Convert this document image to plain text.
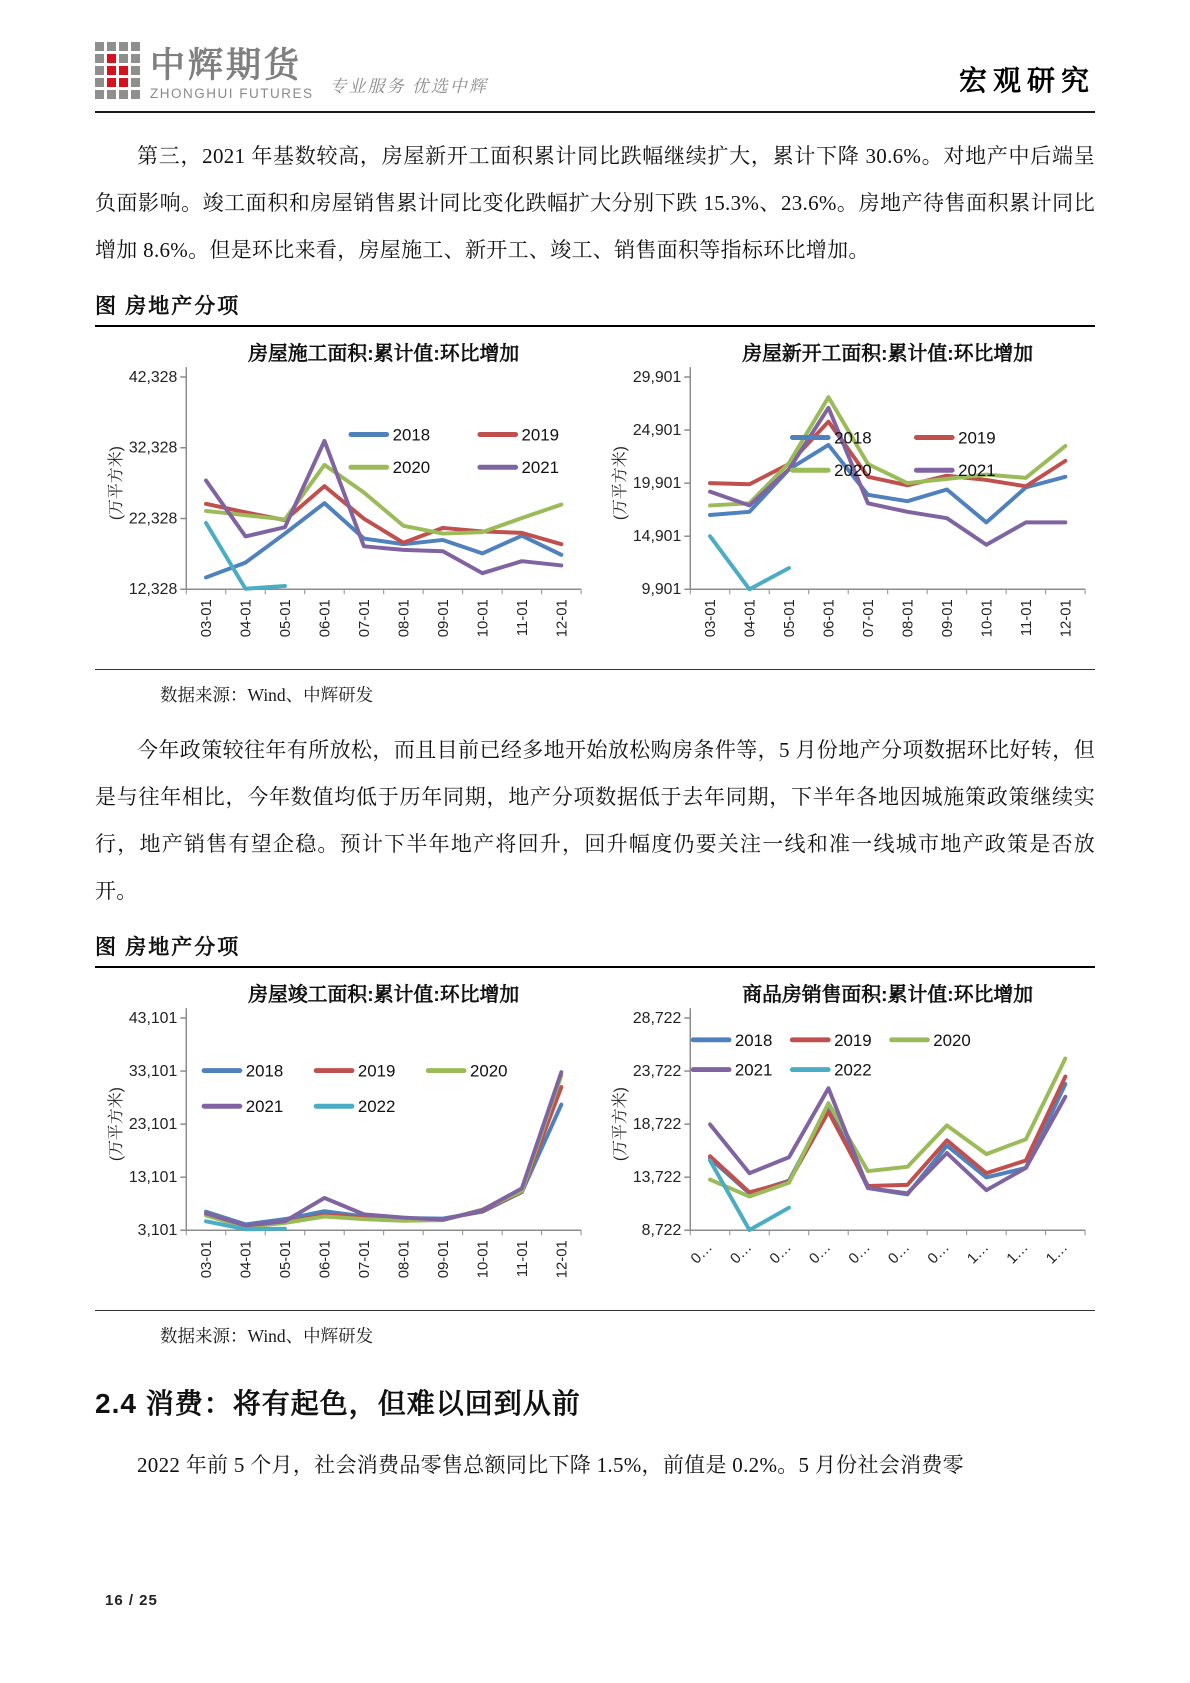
中辉期货
ZHONGHUI FUTURES 专业服务 优选中辉	宏观研究

第三，2021 年基数较高，房屋新开工面积累计同比跌幅继续扩大，累计下降 30.6%。对地产中后端呈负面影响。竣工面积和房屋销售累计同比变化跌幅扩大分别下跌 15.3%、23.6%。房地产待售面积累计同比增加 8.6%。但是环比来看，房屋施工、新开工、竣工、销售面积等指标环比增加。

图 房地产分项
房屋施工面积:累计值:环比增加
12,328
22,328
32,328
42,328
(万平方米)
03-01 04-01 05-01 06-01 07-01 08-01 09-01 10-01 11-01 12-01
2018	2019
2020	2021
房屋新开工面积:累计值:环比增加
9,901
14,901
19,901
24,901
29,901
(万平方米)
03-01 04-01 05-01 06-01 07-01 08-01 09-01 10-01 11-01 12-01
2018	2019
2020	2021
数据来源：Wind、中辉研发

今年政策较往年有所放松，而且目前已经多地开始放松购房条件等，5 月份地产分项数据环比好转，但是与往年相比，今年数值均低于历年同期，地产分项数据低于去年同期，下半年各地因城施策政策继续实行，地产销售有望企稳。预计下半年地产将回升，回升幅度仍要关注一线和准一线城市地产政策是否放开。

图 房地产分项
房屋竣工面积:累计值:环比增加
3,101
13,101
23,101
33,101
43,101
(万平方米)
03-01 04-01 05-01 06-01 07-01 08-01 09-01 10-01 11-01 12-01
2018	2019	2020
2021	2022
商品房销售面积:累计值:环比增加
8,722
13,722
18,722
23,722
28,722
(万平方米)
0… 0… 0… 0… 0… 0… 0… 1… 1… 1…
2018	2019	2020
2021	2022
数据来源：Wind、中辉研发
2.4 消费：将有起色，但难以回到从前

2022 年前 5 个月，社会消费品零售总额同比下降 1.5%，前值是 0.2%。5 月份社会消费零

16 / 25
